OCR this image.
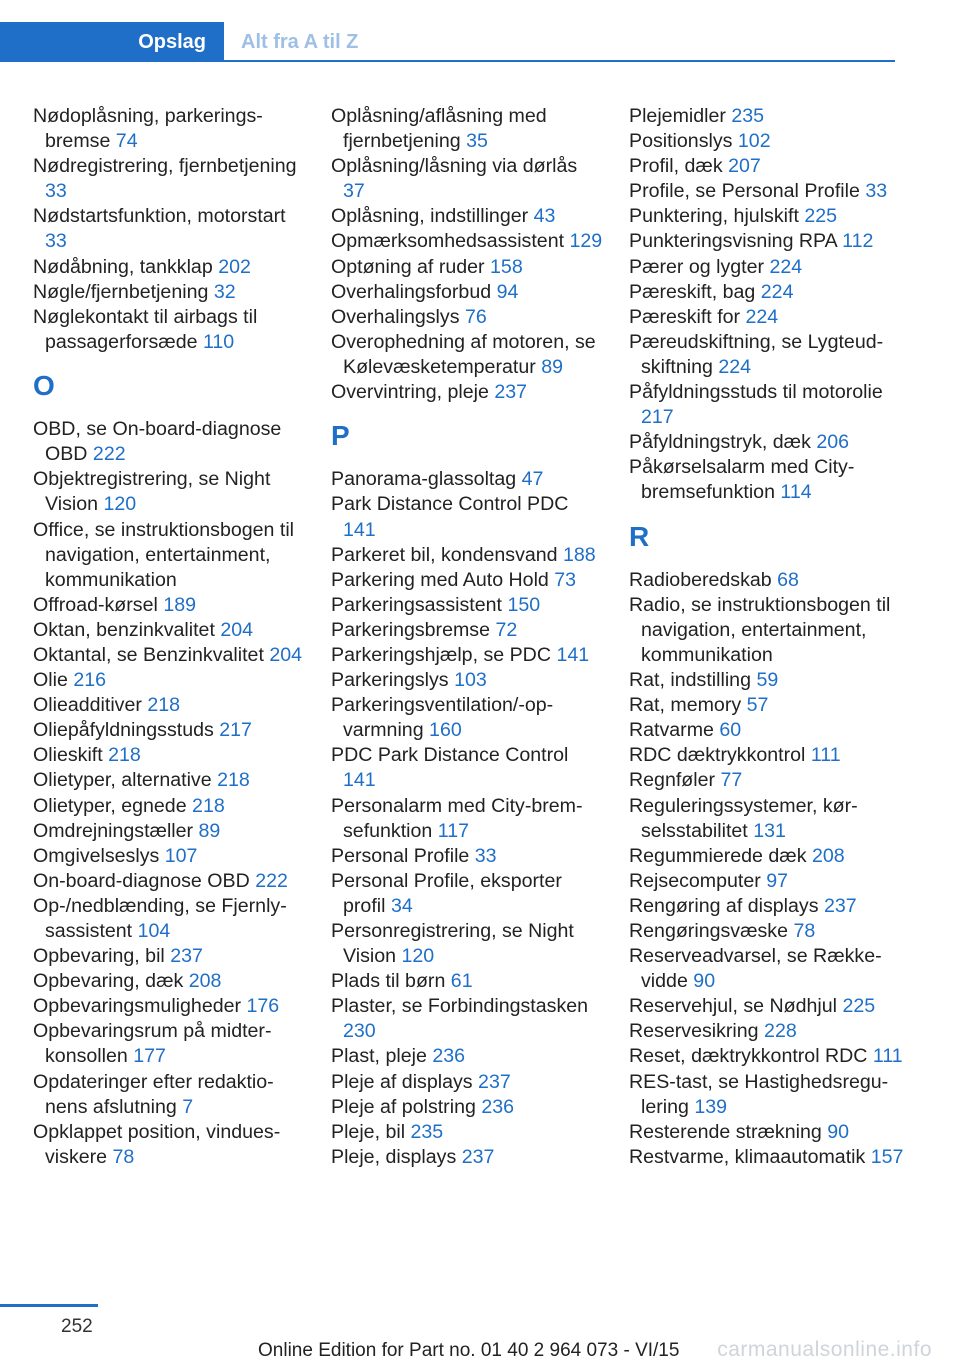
Opslag	Alt fra A til Z
Nødoplåsning, parkeringsbremse 74
Nødregistrering, fjernbetjening 33
Nødstartsfunktion, motorstart 33
Nødåbning, tankklap 202
Nøgle/fjernbetjening 32
Nøglekontakt til airbags til passagerforsæde 110
O
OBD, se On-board-diagnose OBD 222
Objektregistrering, se Night Vision 120
Office, se instruktionsbogen til navigation, entertainment, kommunikation
Offroad-kørsel 189
Oktan, benzinkvalitet 204
Oktantal, se Benzinkvalitet 204
Olie 216
Olieadditiver 218
Oliepåfyldningsstuds 217
Olieskift 218
Olietyper, alternative 218
Olietyper, egnede 218
Omdrejningstæller 89
Omgivelseslys 107
On-board-diagnose OBD 222
Op-/nedblænding, se Fjernlysassistent 104
Opbevaring, bil 237
Opbevaring, dæk 208
Opbevaringsmuligheder 176
Opbevaringsrum på midterkonsollen 177
Opdateringer efter redaktionens afslutning 7
Opklappet position, vinduesviskere 78
Oplåsning/aflåsning med fjernbetjening 35
Oplåsning/låsning via dørlås 37
Oplåsning, indstillinger 43
Opmærksomhedsassistent 129
Optøning af ruder 158
Overhalingsforbud 94
Overhalingslys 76
Overophedning af motoren, se Kølevæsketemperatur 89
Overvintring, pleje 237
P
Panorama-glassoltag 47
Park Distance Control PDC 141
Parkeret bil, kondensvand 188
Parkering med Auto Hold 73
Parkeringsassistent 150
Parkeringsbremse 72
Parkeringshjælp, se PDC 141
Parkeringslys 103
Parkeringsventilation/-opvarmning 160
PDC Park Distance Control 141
Personalarm med City-bremsefunktion 117
Personal Profile 33
Personal Profile, eksporter profil 34
Personregistrering, se Night Vision 120
Plads til børn 61
Plaster, se Forbindingstasken 230
Plast, pleje 236
Pleje af displays 237
Pleje af polstring 236
Pleje, bil 235
Pleje, displays 237
Plejemidler 235
Positionslys 102
Profil, dæk 207
Profile, se Personal Profile 33
Punktering, hjulskift 225
Punkteringsvisning RPA 112
Pærer og lygter 224
Pæreskift, bag 224
Pæreskift for 224
Pæreudskiftning, se Lygteudskiftning 224
Påfyldningsstuds til motorolie 217
Påfyldningstryk, dæk 206
Påkørselsalarm med City-bremsefunktion 114
R
Radioberedskab 68
Radio, se instruktionsbogen til navigation, entertainment, kommunikation
Rat, indstilling 59
Rat, memory 57
Ratvarme 60
RDC dæktrykkontrol 111
Regnføler 77
Reguleringssystemer, kørselsstabilitet 131
Regummierede dæk 208
Rejsecomputer 97
Rengøring af displays 237
Rengøringsvæske 78
Reserveadvarsel, se Rækkevidde 90
Reservehjul, se Nødhjul 225
Reservesikring 228
Reset, dæktrykkontrol RDC 111
RES-tast, se Hastighedsregulering 139
Resterende strækning 90
Restvarme, klimaautomatik 157
252
Online Edition for Part no. 01 40 2 964 073 - VI/15 carmanualsonline.info
